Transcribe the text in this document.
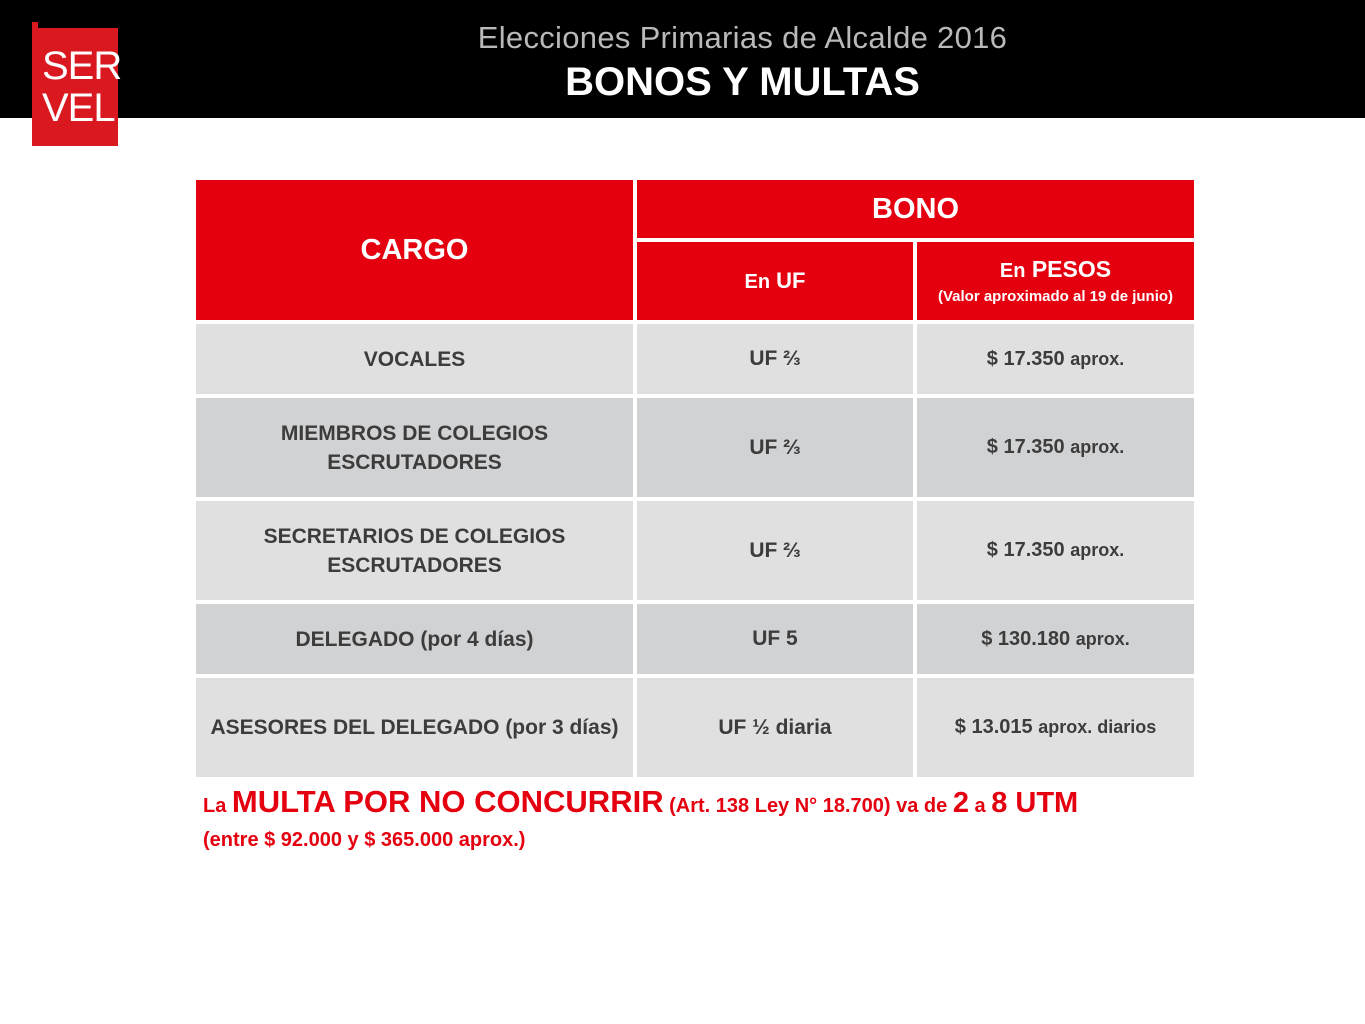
SER
VEL
Elecciones Primarias de Alcalde 2016
BONOS Y MULTAS
CARGO	BONO	
	En UF	En PESOS
(Valor aproximado al 19 de junio)

VOCALES	UF ⅔	$ 17.350 aprox.
MIEMBROS DE COLEGIOS ESCRUTADORES	UF ⅔	$ 17.350 aprox.
SECRETARIOS DE COLEGIOS ESCRUTADORES	UF ⅔	$ 17.350 aprox.
DELEGADO (por 4 días)	UF 5	$ 130.180 aprox.
ASESORES DEL DELEGADO (por 3 días)	UF ½ diaria	$ 13.015 aprox. diarios
La MULTA POR NO CONCURRIR (Art. 138 Ley N° 18.700) va de 2 a 8 UTM
(entre $ 92.000 y $ 365.000 aprox.)
